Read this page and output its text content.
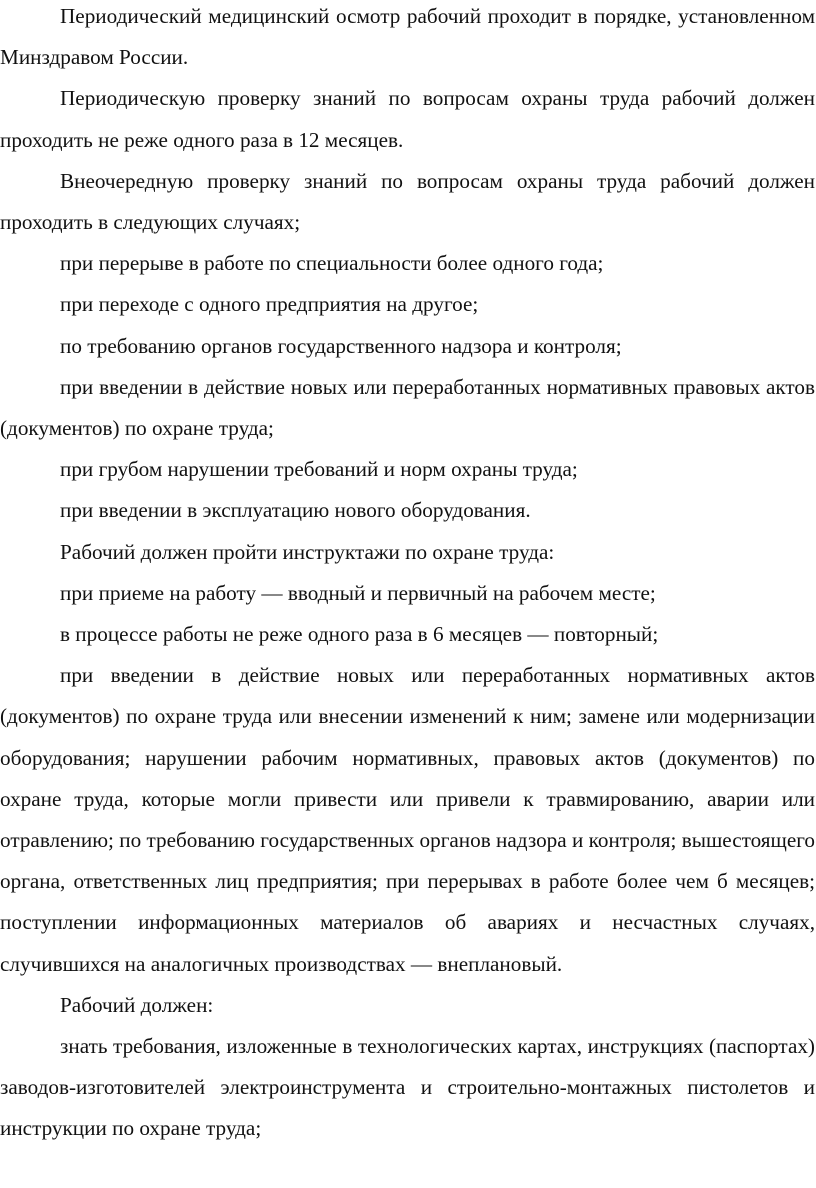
Периодический медицинский осмотр рабочий проходит в порядке, установленном Минздравом России.

Периодическую проверку знаний по вопросам охраны труда рабочий должен проходить не реже одного раза в 12 месяцев.

Внеочередную проверку знаний по вопросам охраны труда рабочий должен проходить в следующих случаях;

при перерыве в работе по специальности более одного года;

при переходе с одного предприятия на другое;

по требованию органов государственного надзора и контроля;

при введении в действие новых или переработанных нормативных правовых актов (документов) по охране труда;

при грубом нарушении требований и норм охраны труда;

при введении в эксплуатацию нового оборудования.

Рабочий должен пройти инструктажи по охране труда:

при приеме на работу — вводный и первичный на рабочем месте;

в процессе работы не реже одного раза в 6 месяцев — повторный;

при введении в действие новых или переработанных нормативных актов (документов) по охране труда или внесении изменений к ним; замене или модернизации оборудования; нарушении рабочим нормативных, правовых актов (документов) по охране труда, которые могли привести или привели к травмированию, аварии или отравлению; по требованию государственных органов надзора и контроля; вышестоящего органа, ответственных лиц предприятия; при перерывах в работе более чем б месяцев; поступлении информационных материалов об авариях и несчастных случаях, случившихся на аналогичных производствах — внеплановый.

Рабочий должен:

знать требования, изложенные в технологических картах, инструкциях (паспортах) заводов-изготовителей электроинструмента и строительно-монтажных пистолетов и инструкции по охране труда;
